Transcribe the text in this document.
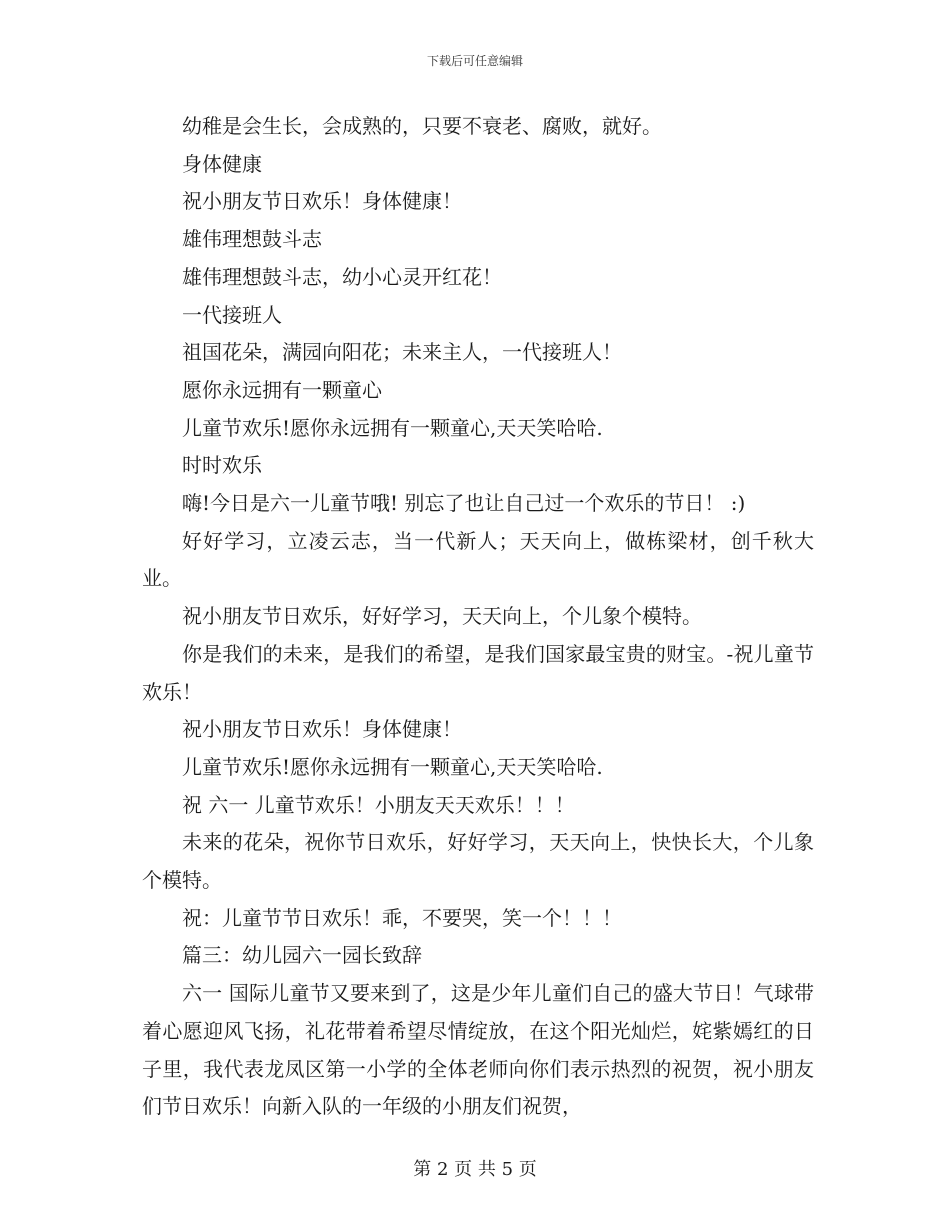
下载后可任意编辑

幼稚是会生长，会成熟的，只要不衰老、腐败，就好。

身体健康

祝小朋友节日欢乐！身体健康！

雄伟理想鼓斗志

雄伟理想鼓斗志，幼小心灵开红花！

一代接班人

祖国花朵，满园向阳花；未来主人，一代接班人！

愿你永远拥有一颗童心

儿童节欢乐!愿你永远拥有一颗童心,天天笑哈哈.

时时欢乐

嗨!今日是六一儿童节哦! 别忘了也让自己过一个欢乐的节日！ :)

好好学习，立凌云志，当一代新人；天天向上，做栋梁材，创千秋大业。

祝小朋友节日欢乐，好好学习，天天向上，个儿象个模特。

你是我们的未来，是我们的希望，是我们国家最宝贵的财宝。-祝儿童节欢乐！

祝小朋友节日欢乐！身体健康！

儿童节欢乐!愿你永远拥有一颗童心,天天笑哈哈.

祝 六一 儿童节欢乐！小朋友天天欢乐！！！

未来的花朵，祝你节日欢乐，好好学习，天天向上，快快长大，个儿象个模特。

祝：儿童节节日欢乐！乖，不要哭，笑一个！！！

篇三：幼儿园六一园长致辞

六一 国际儿童节又要来到了，这是少年儿童们自己的盛大节日！气球带着心愿迎风飞扬，礼花带着希望尽情绽放，在这个阳光灿烂，姹紫嫣红的日子里，我代表龙凤区第一小学的全体老师向你们表示热烈的祝贺，祝小朋友们节日欢乐！向新入队的一年级的小朋友们祝贺，

第 2 页 共 5 页
